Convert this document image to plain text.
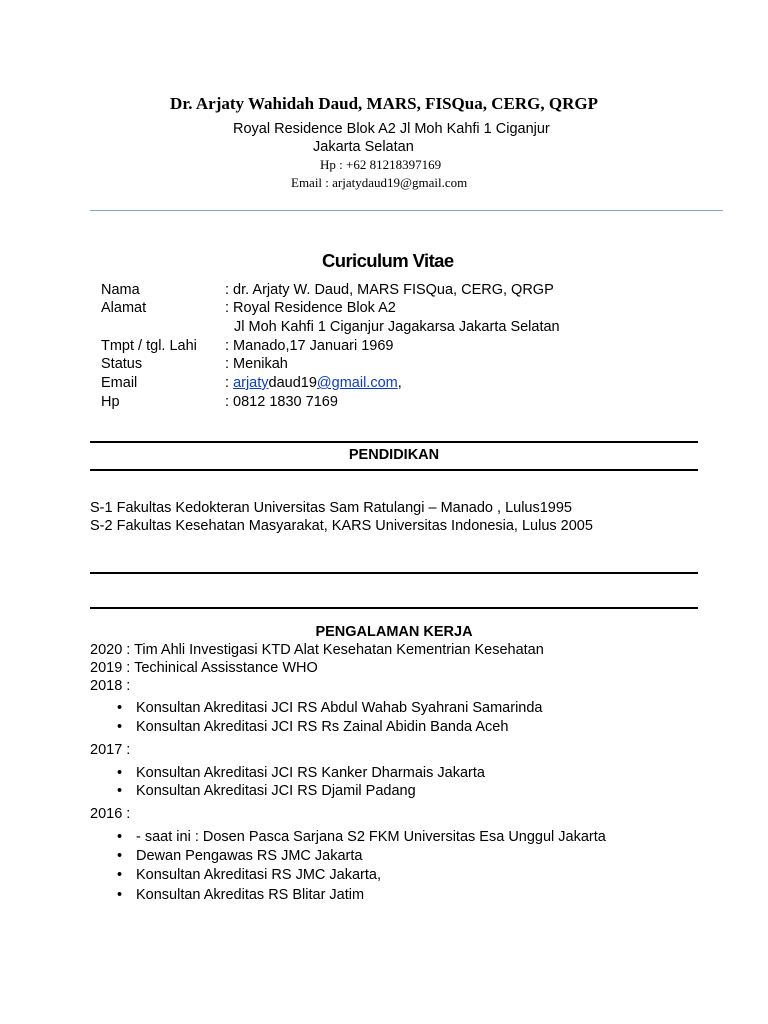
Dr. Arjaty Wahidah Daud, MARS, FISQua, CERG, QRGP
Royal Residence Blok A2 Jl Moh Kahfi 1 Ciganjur
Jakarta Selatan
Hp : +62 81218397169
Email : arjatydaud19@gmail.com
Curiculum Vitae
Nama	: dr. Arjaty W. Daud, MARS FISQua, CERG, QRGP
Alamat	: Royal Residence Blok A2
Jl Moh Kahfi 1 Ciganjur Jagakarsa Jakarta Selatan
Tmpt / tgl. Lahi : Manado,17 Januari 1969
Status	: Menikah
Email	: arjatydaud19@gmail.com,
Hp	: 0812 1830 7169
PENDIDIKAN
S-1 Fakultas Kedokteran Universitas Sam Ratulangi – Manado , Lulus1995
S-2 Fakultas Kesehatan Masyarakat, KARS Universitas Indonesia, Lulus 2005
PENGALAMAN KERJA
2020 : Tim Ahli Investigasi KTD Alat Kesehatan Kementrian Kesehatan
2019 : Techinical Assisstance WHO
2018 :
• Konsultan Akreditasi JCI RS Abdul Wahab Syahrani Samarinda
• Konsultan Akreditasi JCI RS Rs Zainal Abidin Banda Aceh
2017 :
• Konsultan Akreditasi JCI RS Kanker Dharmais Jakarta
• Konsultan Akreditasi JCI RS Djamil Padang
2016 :
• - saat ini : Dosen Pasca Sarjana S2 FKM Universitas Esa Unggul Jakarta
• Dewan Pengawas RS JMC Jakarta
• Konsultan Akreditasi RS JMC Jakarta,
• Konsultan Akreditas RS Blitar Jatim
